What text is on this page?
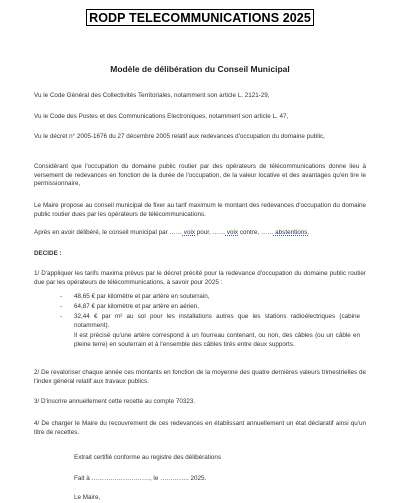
RODP TELECOMMUNICATIONS 2025
Modèle de délibération du Conseil Municipal
Vu le Code Général des Collectivités Territoriales, notamment son article L. 2121-29,
Vu le Code des Postes et des Communications Electroniques, notamment son article L. 47,
Vu le décret n° 2005-1676 du 27 décembre 2005 relatif aux redevances d'occupation du domaine public,
Considérant que l'occupation du domaine public routier par des opérateurs de télécommunications donne lieu à versement de redevances en fonction de la durée de l'occupation, de la valeur locative et des avantages qu'en tire le permissionnaire,
Le Maire propose au conseil municipal de fixer au tarif maximum le montant des redevances d'occupation du domaine public routier dues par les opérateurs de télécommunications.
Après en avoir délibéré, le conseil municipal par …… voix pour, …… voix contre, …… abstentions.
DECIDE :
1/ D'appliquer les tarifs maxima prévus par le décret précité pour la redevance d'occupation du domaine public routier due par les opérateurs de télécommunications, à savoir pour 2025 :
- 48,65 € par kilomètre et par artère en souterrain,
- 64,87 € par kilomètre et par artère en aérien,
- 32,44 € par m² au sol pour les installations autres que les stations radioélectriques (cabine notamment).
Il est précisé qu'une artère correspond à un fourreau contenant, ou non, des câbles (ou un câble en pleine terre) en souterrain et à l'ensemble des câbles tirés entre deux supports.
2/ De revaloriser chaque année ces montants en fonction de la moyenne des quatre dernières valeurs trimestrielles de l'index général relatif aux travaux publics.
3/ D'inscrire annuellement cette recette au compte 70323.
4/ De charger le Maire du recouvrement de ces redevances en établissant annuellement un état déclaratif ainsi qu'un titre de recettes.
Extrait certifié conforme au registre des délibérations
Fait à ………………………., le ………….. 2025.
Le Maire,
